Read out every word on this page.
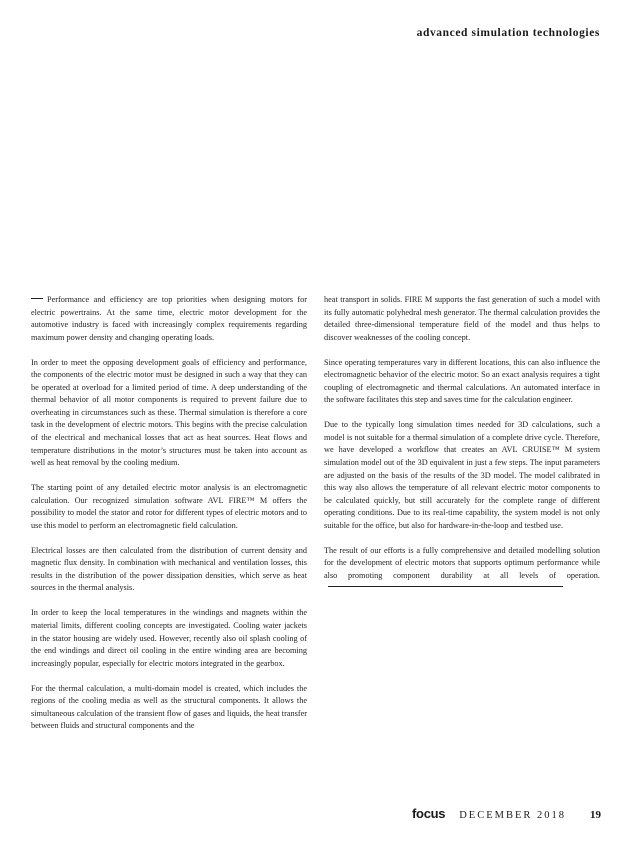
advanced simulation technologies

Performance and efficiency are top priorities when designing motors for electric powertrains. At the same time, electric motor development for the automotive industry is faced with increasingly complex requirements regarding maximum power density and changing operating loads.

In order to meet the opposing development goals of efficiency and performance, the components of the electric motor must be designed in such a way that they can be operated at overload for a limited period of time. A deep understanding of the thermal behavior of all motor components is required to prevent failure due to overheating in circumstances such as these. Thermal simulation is therefore a core task in the development of electric motors. This begins with the precise calculation of the electrical and mechanical losses that act as heat sources. Heat flows and temperature distributions in the motor’s structures must be taken into account as well as heat removal by the cooling medium.

The starting point of any detailed electric motor analysis is an electromagnetic calculation. Our recognized simulation software AVL FIRE™ M offers the possibility to model the stator and rotor for different types of electric motors and to use this model to perform an electromagnetic field calculation.

Electrical losses are then calculated from the distribution of current density and magnetic flux density. In combination with mechanical and ventilation losses, this results in the distribution of the power dissipation densities, which serve as heat sources in the thermal analysis.

In order to keep the local temperatures in the windings and magnets within the material limits, different cooling concepts are investigated. Cooling water jackets in the stator housing are widely used. However, recently also oil splash cooling of the end windings and direct oil cooling in the entire winding area are becoming increasingly popular, especially for electric motors integrated in the gearbox.

For the thermal calculation, a multi-domain model is created, which includes the regions of the cooling media as well as the structural components. It allows the simultaneous calculation of the transient flow of gases and liquids, the heat transfer between fluids and structural components and the

heat transport in solids. FIRE M supports the fast generation of such a model with its fully automatic polyhedral mesh generator. The thermal calculation provides the detailed three-dimensional temperature field of the model and thus helps to discover weaknesses of the cooling concept.

Since operating temperatures vary in different locations, this can also influence the electromagnetic behavior of the electric motor. So an exact analysis requires a tight coupling of electromagnetic and thermal calculations. An automated interface in the software facilitates this step and saves time for the calculation engineer.

Due to the typically long simulation times needed for 3D calculations, such a model is not suitable for a thermal simulation of a complete drive cycle. Therefore, we have developed a workflow that creates an AVL CRUISE™ M system simulation model out of the 3D equivalent in just a few steps. The input parameters are adjusted on the basis of the results of the 3D model. The model calibrated in this way also allows the temperature of all relevant electric motor components to be calculated quickly, but still accurately for the complete range of different operating conditions. Due to its real-time capability, the system model is not only suitable for the office, but also for hardware-in-the-loop and testbed use.

The result of our efforts is a fully comprehensive and detailed modelling solution for the development of electric motors that supports optimum performance while also promoting component durability at all levels of operation.

focus DECEMBER 2018 19
